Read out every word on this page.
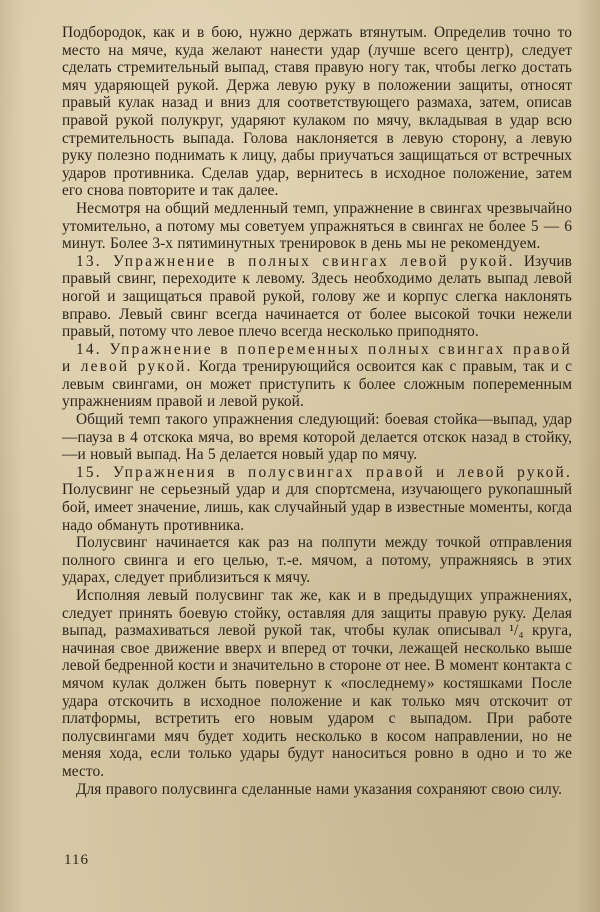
Подбородок, как и в бою, нужно держать втянутым. Определив точно то место на мяче, куда желают нанести удар (лучше всего центр), следует сделать стремительный выпад, ставя правую ногу так, чтобы легко достать мяч ударяющей рукой. Держа левую руку в положении защиты, относят правый кулак назад и вниз для соответствующего размаха, затем, описав правой рукой полукруг, ударяют кулаком по мячу, вкладывая в удар всю стремительность выпада. Голова наклоняется в левую сторону, а левую руку полезно поднимать к лицу, дабы приучаться защищаться от встречных ударов противника. Сделав удар, вернитесь в исходное положение, затем его снова повторите и так далее.

Несмотря на общий медленный темп, упражнение в свингах чрезвычайно утомительно, а потому мы советуем упражняться в свингах не более 5 — 6 минут. Более 3-х пятиминутных тренировок в день мы не рекомендуем.

13. Упражнение в полных свингах левой рукой. Изучив правый свинг, переходите к левому. Здесь необходимо делать выпад левой ногой и защищаться правой рукой, голову же и корпус слегка наклонять вправо. Левый свинг всегда начинается от более высокой точки нежели правый, потому что левое плечо всегда несколько приподнято.

14. Упражнение в попеременных полных свингах правой и левой рукой. Когда тренирующийся освоится как с правым, так и с левым свингами, он может приступить к более сложным попеременным упражнениям правой и левой рукой.

Общий темп такого упражнения следующий: боевая стойка—выпад, удар—пауза в 4 отскока мяча, во время которой делается отскок назад в стойку,—и новый выпад. На 5 делается новый удар по мячу.

15. Упражнения в полусвингах правой и левой рукой. Полусвинг не серьезный удар и для спортсмена, изучающего рукопашный бой, имеет значение, лишь, как случайный удар в известные моменты, когда надо обмануть противника.

Полусвинг начинается как раз на полпути между точкой отправления полного свинга и его целью, т.-е. мячом, а потому, упражняясь в этих ударах, следует приблизиться к мячу.

Исполняя левый полусвинг так же, как и в предыдущих упражнениях, следует принять боевую стойку, оставляя для защиты правую руку. Делая выпад, размахиваться левой рукой так, чтобы кулак описывал ¹/₄ круга, начиная свое движение вверх и вперед от точки, лежащей несколько выше левой бедренной кости и значительно в стороне от нее. В момент контакта с мячом кулак должен быть повернут к «последнему» костяшками После удара отскочить в исходное положение и как только мяч отскочит от платформы, встретить его новым ударом с выпадом. При работе полусвингами мяч будет ходить несколько в косом направлении, но не меняя хода, если только удары будут наноситься ровно в одно и то же место.

Для правого полусвинга сделанные нами указания сохраняют свою силу.

116
